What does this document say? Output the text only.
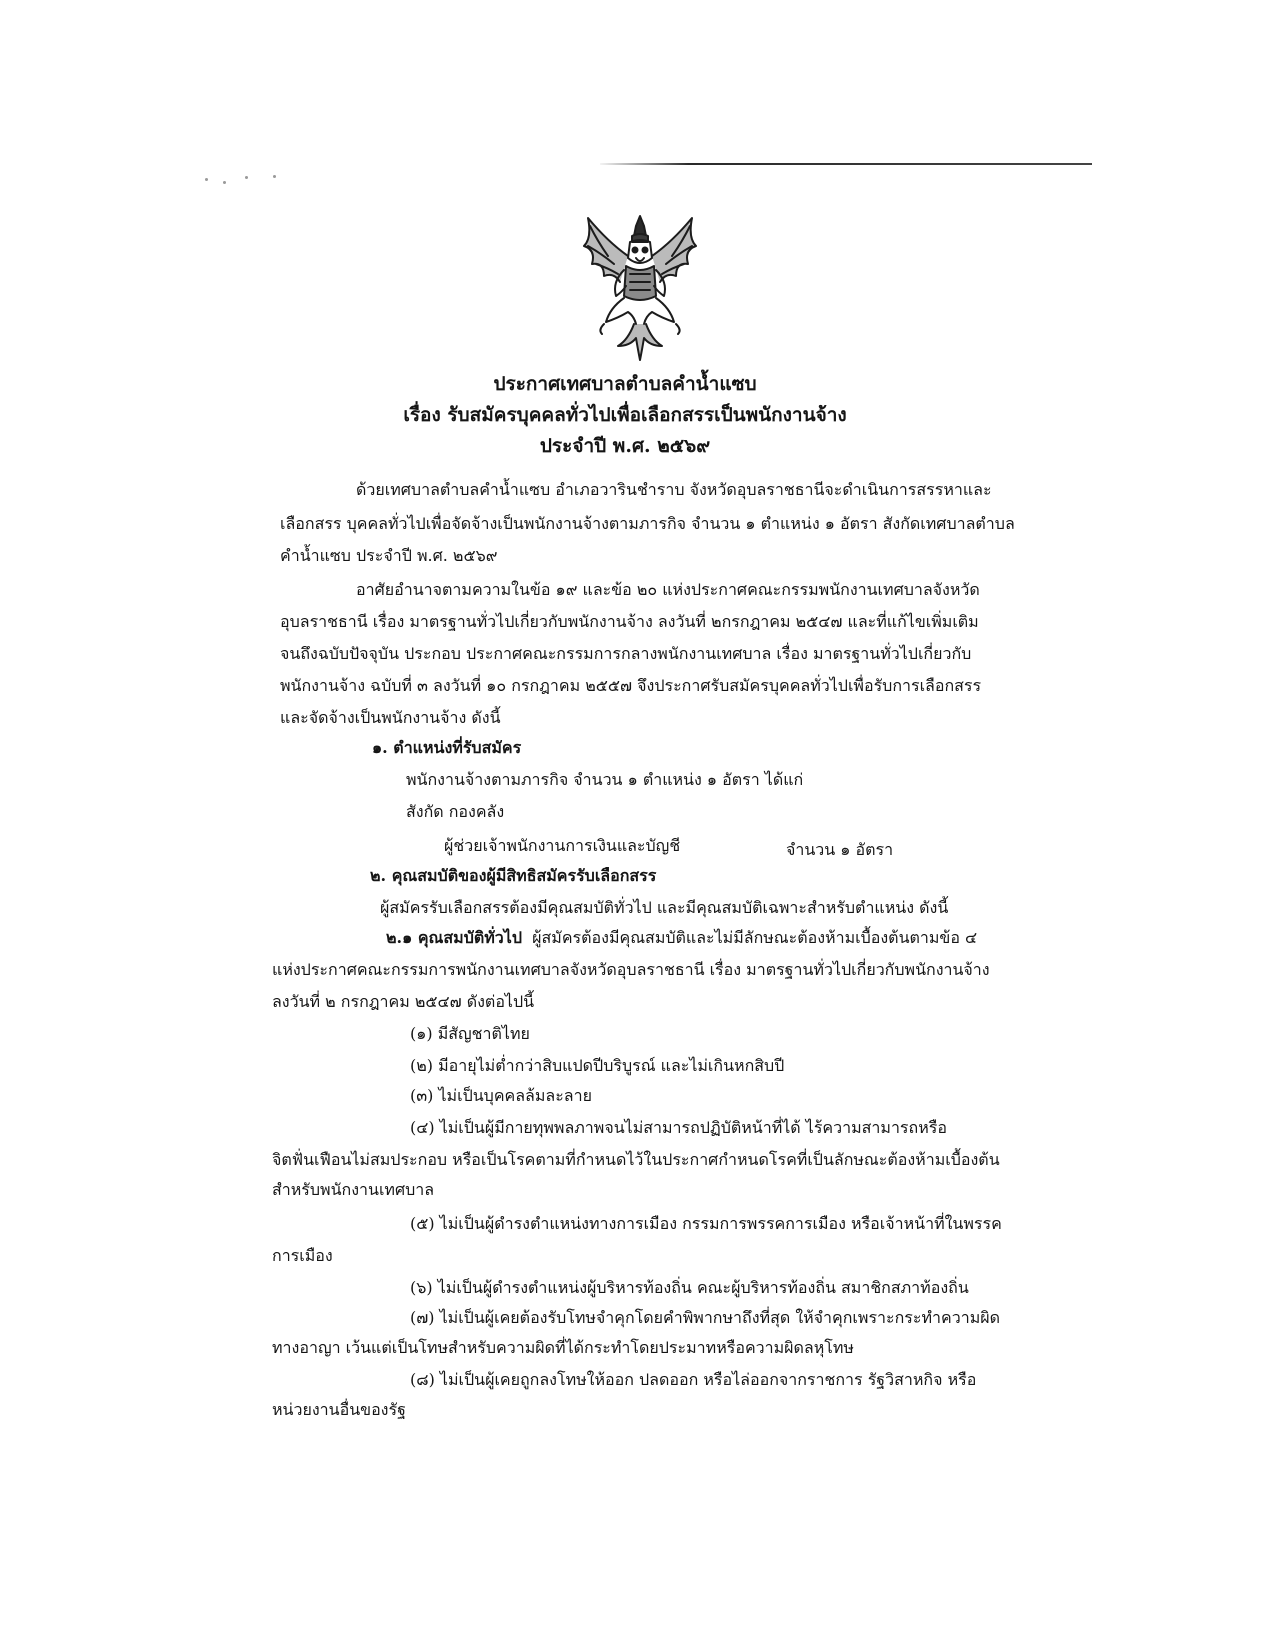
ประกาศเทศบาลตำบลคำน้ำแซบ
เรื่อง รับสมัครบุคคลทั่วไปเพื่อเลือกสรรเป็นพนักงานจ้าง
ประจำปี พ.ศ. ๒๕๖๙
ด้วยเทศบาลตำบลคำน้ำแซบ อำเภอวารินชำราบ จังหวัดอุบลราชธานีจะดำเนินการสรรหาและ
เลือกสรร บุคคลทั่วไปเพื่อจัดจ้างเป็นพนักงานจ้างตามภารกิจ จำนวน ๑ ตำแหน่ง ๑ อัตรา สังกัดเทศบาลตำบล
คำน้ำแซบ ประจำปี พ.ศ. ๒๕๖๙
อาศัยอำนาจตามความในข้อ ๑๙ และข้อ ๒๐ แห่งประกาศคณะกรรมพนักงานเทศบาลจังหวัด
อุบลราชธานี เรื่อง มาตรฐานทั่วไปเกี่ยวกับพนักงานจ้าง ลงวันที่ ๒กรกฎาคม ๒๕๔๗ และที่แก้ไขเพิ่มเติม
จนถึงฉบับปัจจุบัน ประกอบ ประกาศคณะกรรมการกลางพนักงานเทศบาล เรื่อง มาตรฐานทั่วไปเกี่ยวกับ
พนักงานจ้าง ฉบับที่ ๓ ลงวันที่ ๑๐ กรกฎาคม ๒๕๕๗ จึงประกาศรับสมัครบุคคลทั่วไปเพื่อรับการเลือกสรร
และจัดจ้างเป็นพนักงานจ้าง ดังนี้
๑. ตำแหน่งที่รับสมัคร
พนักงานจ้างตามภารกิจ จำนวน ๑ ตำแหน่ง ๑ อัตรา ได้แก่
สังกัด กองคลัง
ผู้ช่วยเจ้าพนักงานการเงินและบัญชี	จำนวน ๑ อัตรา
๒. คุณสมบัติของผู้มีสิทธิสมัครรับเลือกสรร
ผู้สมัครรับเลือกสรรต้องมีคุณสมบัติทั่วไป และมีคุณสมบัติเฉพาะสำหรับตำแหน่ง ดังนี้
๒.๑ คุณสมบัติทั่วไป ผู้สมัครต้องมีคุณสมบัติและไม่มีลักษณะต้องห้ามเบื้องต้นตามข้อ ๔
แห่งประกาศคณะกรรมการพนักงานเทศบาลจังหวัดอุบลราชธานี เรื่อง มาตรฐานทั่วไปเกี่ยวกับพนักงานจ้าง
ลงวันที่ ๒ กรกฎาคม ๒๕๔๗ ดังต่อไปนี้
(๑) มีสัญชาติไทย
(๒) มีอายุไม่ต่ำกว่าสิบแปดปีบริบูรณ์ และไม่เกินหกสิบปี
(๓) ไม่เป็นบุคคลล้มละลาย
(๔) ไม่เป็นผู้มีกายทุพพลภาพจนไม่สามารถปฏิบัติหน้าที่ได้ ไร้ความสามารถหรือ
จิตฟั่นเฟือนไม่สมประกอบ หรือเป็นโรคตามที่กำหนดไว้ในประกาศกำหนดโรคที่เป็นลักษณะต้องห้ามเบื้องต้น
สำหรับพนักงานเทศบาล
(๕) ไม่เป็นผู้ดำรงตำแหน่งทางการเมือง กรรมการพรรคการเมือง หรือเจ้าหน้าที่ในพรรค
การเมือง
(๖) ไม่เป็นผู้ดำรงตำแหน่งผู้บริหารท้องถิ่น คณะผู้บริหารท้องถิ่น สมาชิกสภาท้องถิ่น
(๗) ไม่เป็นผู้เคยต้องรับโทษจำคุกโดยคำพิพากษาถึงที่สุด ให้จำคุกเพราะกระทำความผิด
ทางอาญา เว้นแต่เป็นโทษสำหรับความผิดที่ได้กระทำโดยประมาทหรือความผิดลหุโทษ
(๘) ไม่เป็นผู้เคยถูกลงโทษให้ออก ปลดออก หรือไล่ออกจากราชการ รัฐวิสาหกิจ หรือ
หน่วยงานอื่นของรัฐ
